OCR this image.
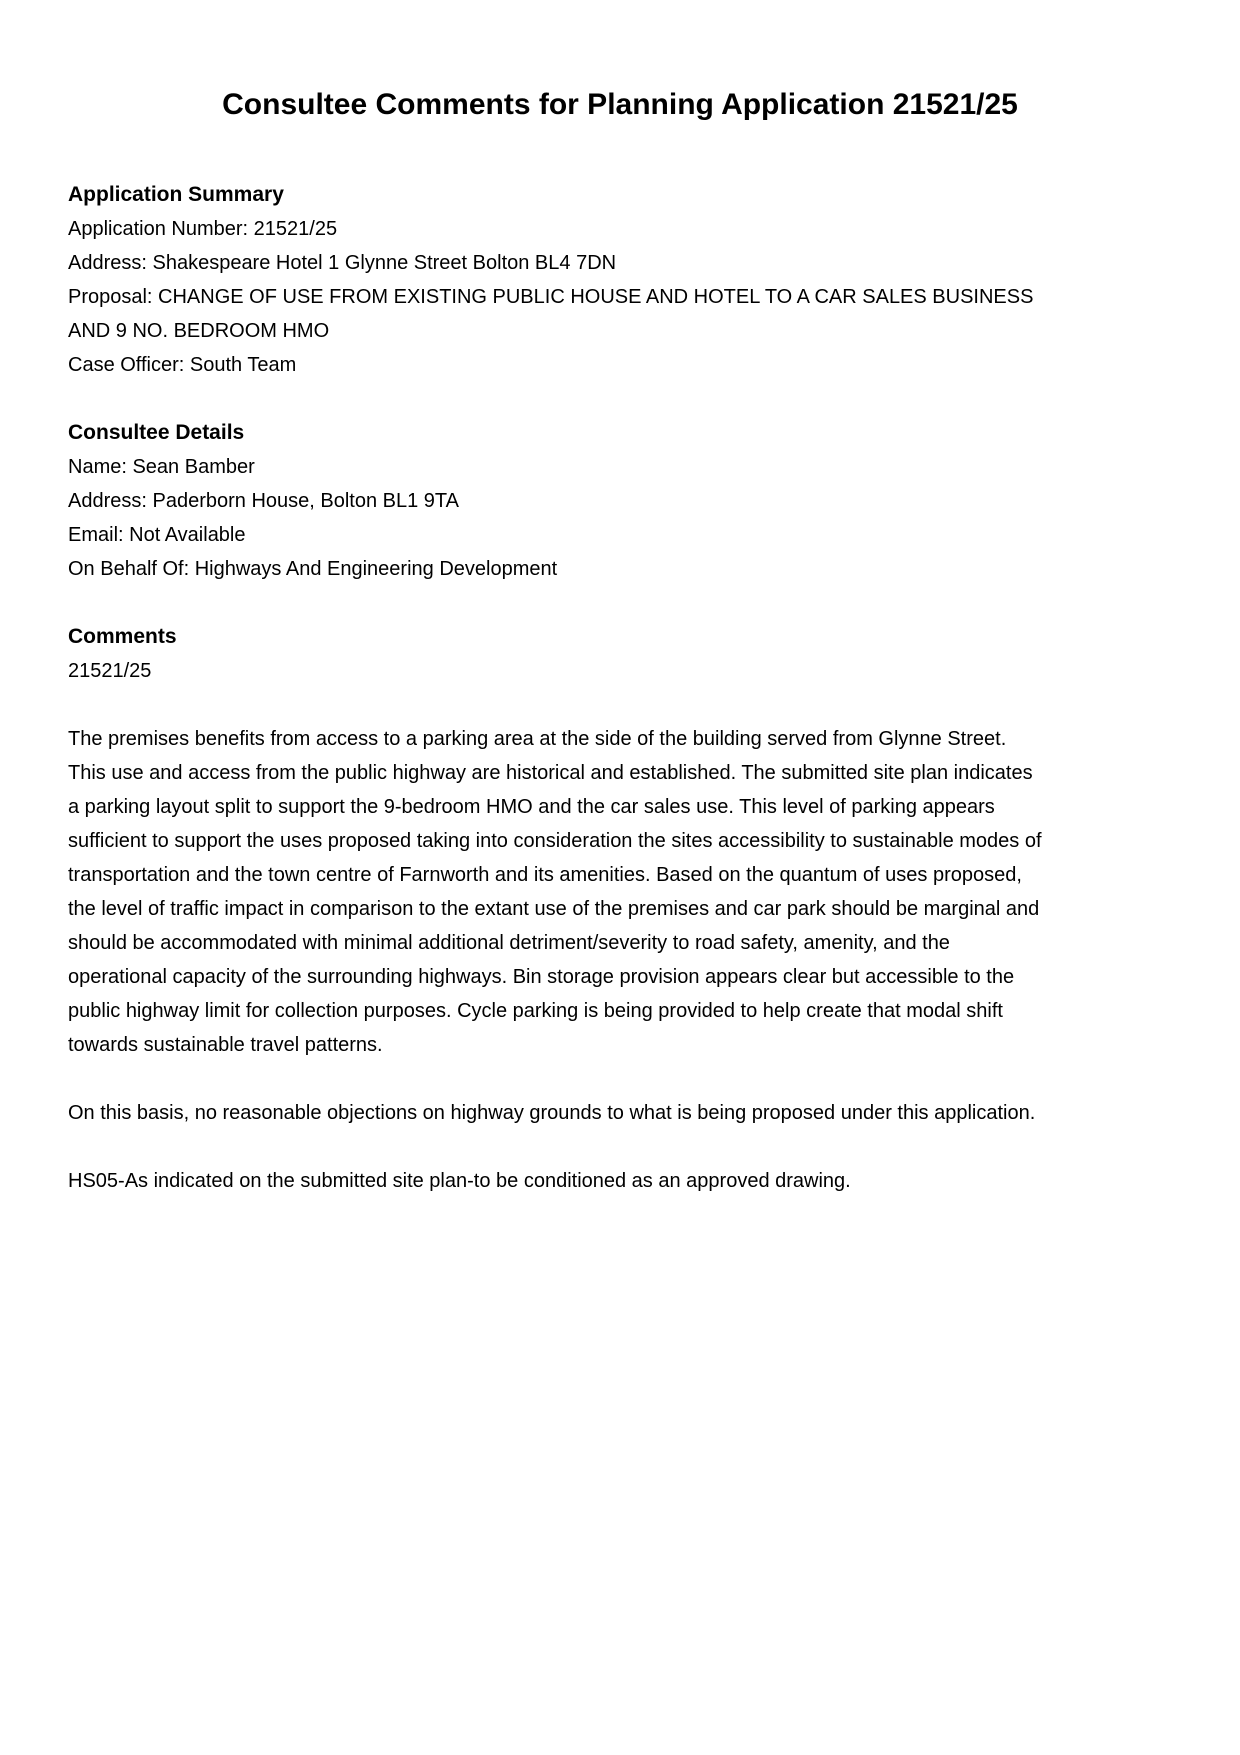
Consultee Comments for Planning Application 21521/25
Application Summary

Application Number: 21521/25

Address: Shakespeare Hotel 1 Glynne Street Bolton BL4 7DN

Proposal: CHANGE OF USE FROM EXISTING PUBLIC HOUSE AND HOTEL TO A CAR SALES BUSINESS AND 9 NO. BEDROOM HMO

Case Officer: South Team

Consultee Details

Name: Sean Bamber

Address: Paderborn House, Bolton BL1 9TA

Email: Not Available

On Behalf Of: Highways And Engineering Development

Comments

21521/25

The premises benefits from access to a parking area at the side of the building served from Glynne Street. This use and access from the public highway are historical and established. The submitted site plan indicates a parking layout split to support the 9-bedroom HMO and the car sales use. This level of parking appears sufficient to support the uses proposed taking into consideration the sites accessibility to sustainable modes of transportation and the town centre of Farnworth and its amenities. Based on the quantum of uses proposed, the level of traffic impact in comparison to the extant use of the premises and car park should be marginal and should be accommodated with minimal additional detriment/severity to road safety, amenity, and the operational capacity of the surrounding highways. Bin storage provision appears clear but accessible to the public highway limit for collection purposes. Cycle parking is being provided to help create that modal shift towards sustainable travel patterns.

On this basis, no reasonable objections on highway grounds to what is being proposed under this application.

HS05-As indicated on the submitted site plan-to be conditioned as an approved drawing.
